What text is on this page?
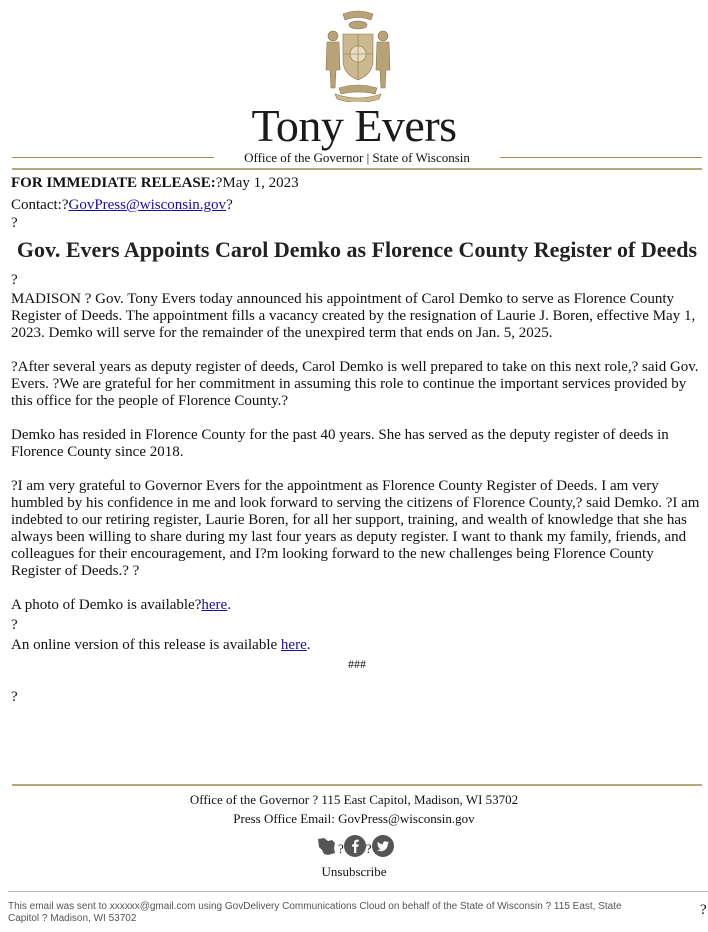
Tony Evers
Office of the Governor | State of Wisconsin

FOR IMMEDIATE RELEASE:?May 1, 2023

Contact:?GovPress@wisconsin.gov?

?

Gov. Evers Appoints Carol Demko as Florence County Register of Deeds

?

MADISON ? Gov. Tony Evers today announced his appointment of Carol Demko to serve as Florence County Register of Deeds. The appointment fills a vacancy created by the resignation of Laurie J. Boren, effective May 1, 2023. Demko will serve for the remainder of the unexpired term that ends on Jan. 5, 2025.

?After several years as deputy register of deeds, Carol Demko is well prepared to take on this next role,? said Gov. Evers. ?We are grateful for her commitment in assuming this role to continue the important services provided by this office for the people of Florence County.?

Demko has resided in Florence County for the past 40 years. She has served as the deputy register of deeds in Florence County since 2018.

?I am very grateful to Governor Evers for the appointment as Florence County Register of Deeds. I am very humbled by his confidence in me and look forward to serving the citizens of Florence County,? said Demko. ?I am indebted to our retiring register, Laurie Boren, for all her support, training, and wealth of knowledge that she has always been willing to share during my last four years as deputy register. I want to thank my family, friends, and colleagues for their encouragement, and I?m looking forward to the new challenges being Florence County Register of Deeds.? ?

A photo of Demko is available?here.

?

An online version of this release is available here.

###

?

Office of the Governor ? 115 East Capitol, Madison, WI 53702
Press Office Email: GovPress@wisconsin.gov
? ?
Unsubscribe
This email was sent to xxxxxx@gmail.com using GovDelivery Communications Cloud on behalf of the State of Wisconsin ? 115 East, State Capitol ? Madison, WI 53702
?
